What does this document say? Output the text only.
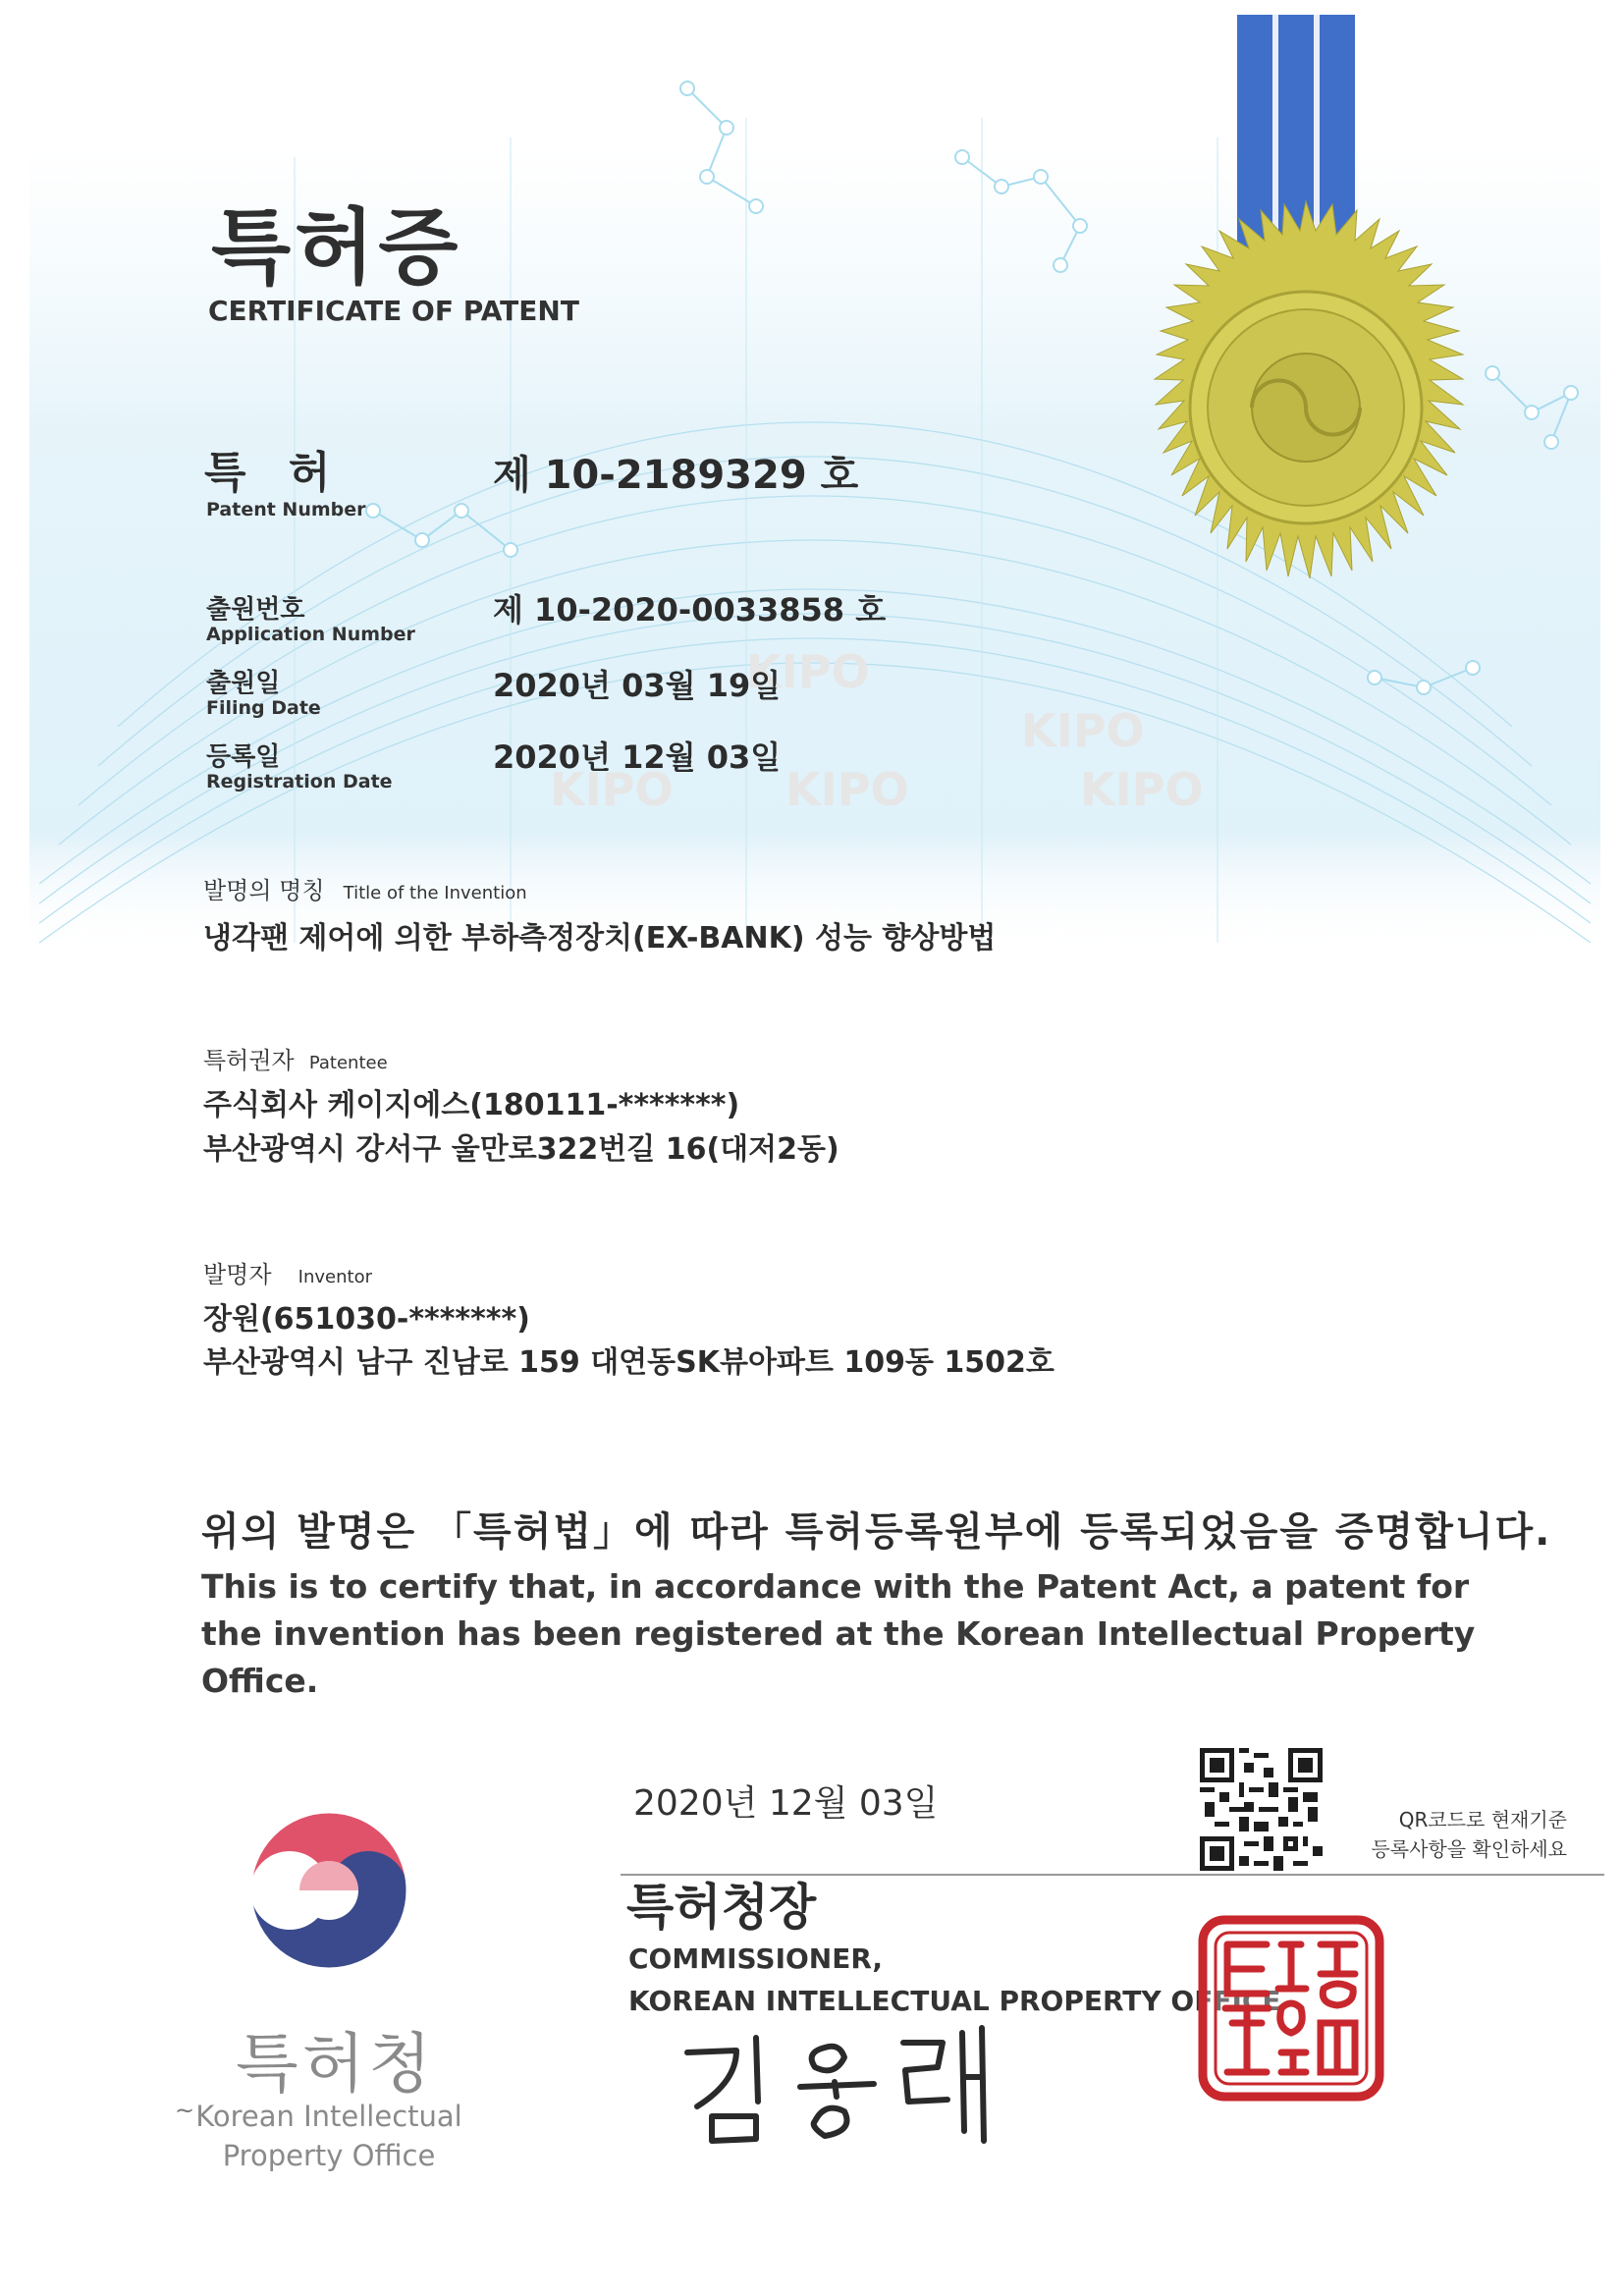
KIPO
KIPO
KIPO
KIPO	KIPO
특허증
CERTIFICATE OF PATENT
특 허
Patent Number
제 10-2189329 호
출원번호
Application Number
제 10-2020-0033858 호
출원일
Filing Date
2020년 03월 19일
등록일
Registration Date
2020년 12월 03일
발명의 명칭 Title of the Invention
냉각팬 제어에 의한 부하측정장치(EX-BANK) 성능 향상방법
특허권자 Patentee
주식회사 케이지에스(180111-*******)
부산광역시 강서구 울만로322번길 16(대저2동)
발명자 Inventor
장원(651030-*******)
부산광역시 남구 진남로 159 대연동SK뷰아파트 109동 1502호
위의 발명은 「특허법」에 따라 특허등록원부에 등록되었음을 증명합니다.
This is to certify that, in accordance with the Patent Act, a patent for the invention has been registered at the Korean Intellectual Property Office.
QR코드로 현재기준
등록사항을 확인하세요
2020년 12월 03일
특허청장
COMMISSIONER,
KOREAN INTELLECTUAL PROPERTY OFFICE
~
특허청
Korean Intellectual
Property Office
